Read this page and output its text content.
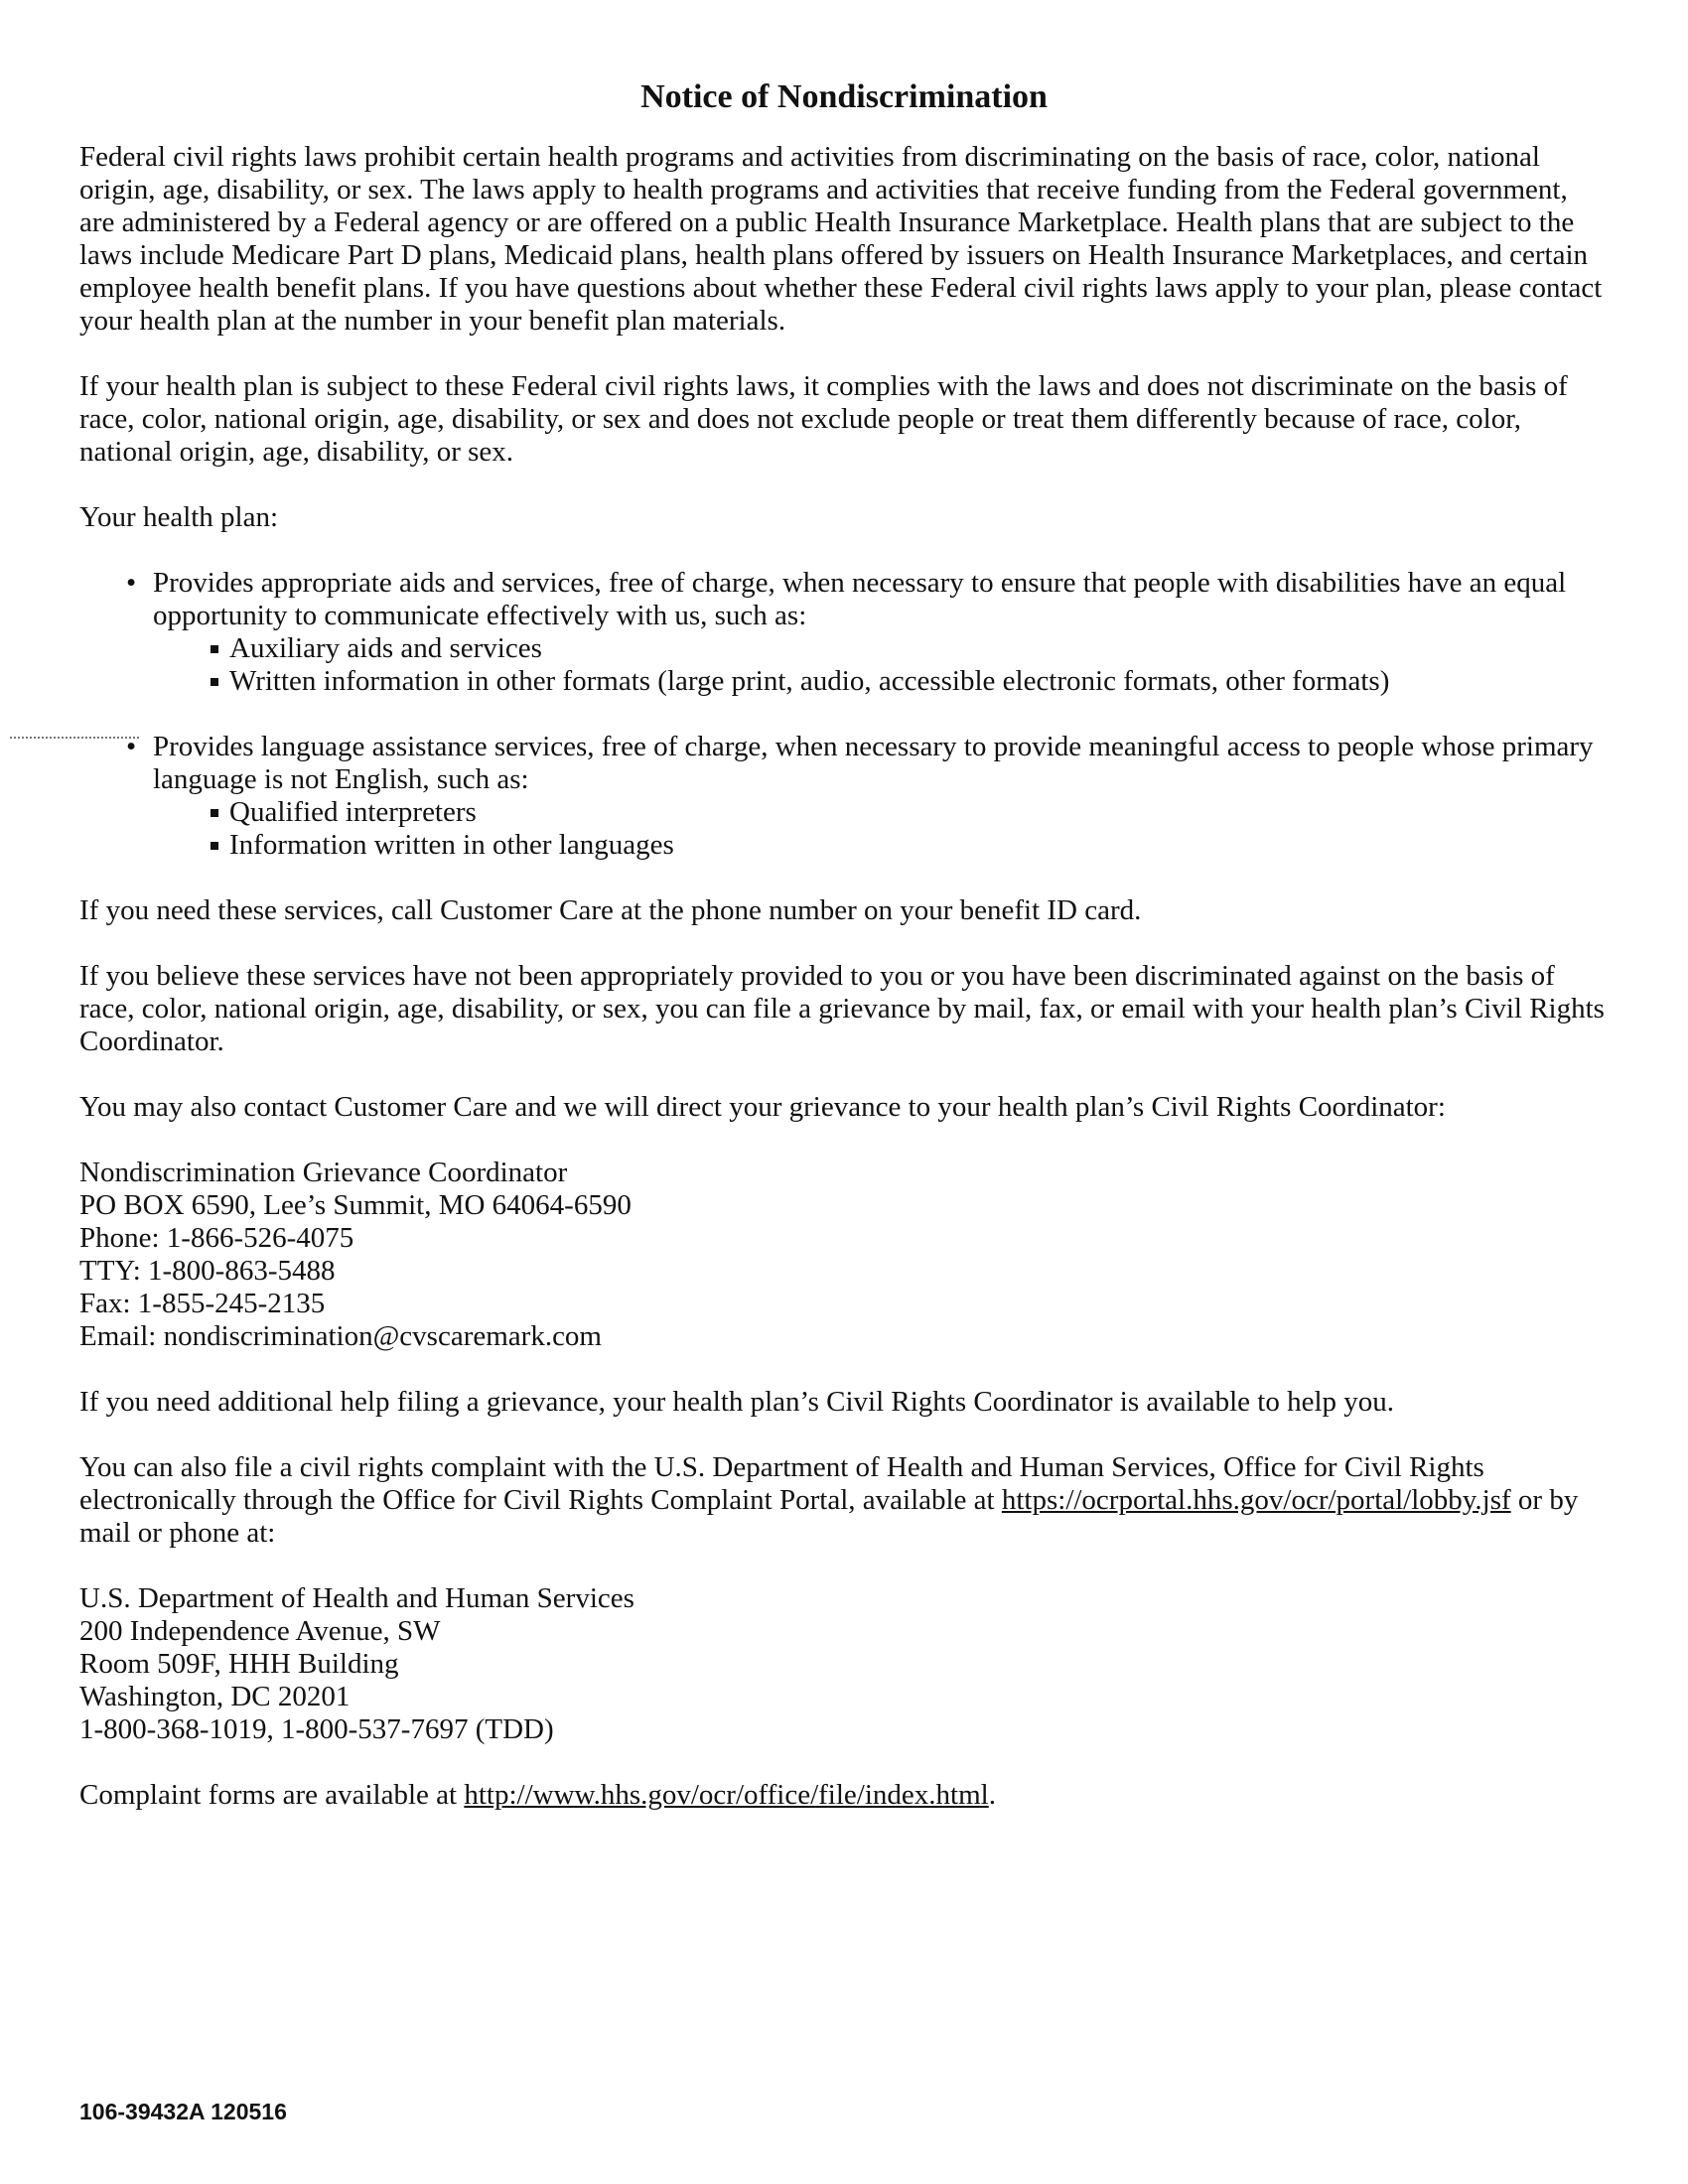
Notice of Nondiscrimination

Federal civil rights laws prohibit certain health programs and activities from discriminating on the basis of race, color, national origin, age, disability, or sex. The laws apply to health programs and activities that receive funding from the Federal government, are administered by a Federal agency or are offered on a public Health Insurance Marketplace. Health plans that are subject to the laws include Medicare Part D plans, Medicaid plans, health plans offered by issuers on Health Insurance Marketplaces, and certain employee health benefit plans. If you have questions about whether these Federal civil rights laws apply to your plan, please contact your health plan at the number in your benefit plan materials.

If your health plan is subject to these Federal civil rights laws, it complies with the laws and does not discriminate on the basis of race, color, national origin, age, disability, or sex and does not exclude people or treat them differently because of race, color, national origin, age, disability, or sex.

Your health plan:

• Provides appropriate aids and services, free of charge, when necessary to ensure that people with disabilities have an equal opportunity to communicate effectively with us, such as:
Auxiliary aids and services
Written information in other formats (large print, audio, accessible electronic formats, other formats)
• Provides language assistance services, free of charge, when necessary to provide meaningful access to people whose primary language is not English, such as:
Qualified interpreters
Information written in other languages

If you need these services, call Customer Care at the phone number on your benefit ID card.

If you believe these services have not been appropriately provided to you or you have been discriminated against on the basis of race, color, national origin, age, disability, or sex, you can file a grievance by mail, fax, or email with your health plan’s Civil Rights Coordinator.

You may also contact Customer Care and we will direct your grievance to your health plan’s Civil Rights Coordinator:

Nondiscrimination Grievance Coordinator
PO BOX 6590, Lee’s Summit, MO 64064-6590
Phone: 1-866-526-4075
TTY: 1-800-863-5488
Fax: 1-855-245-2135
Email: nondiscrimination@cvscaremark.com

If you need additional help filing a grievance, your health plan’s Civil Rights Coordinator is available to help you.

You can also file a civil rights complaint with the U.S. Department of Health and Human Services, Office for Civil Rights electronically through the Office for Civil Rights Complaint Portal, available at https://ocrportal.hhs.gov/ocr/portal/lobby.jsf or by mail or phone at:

U.S. Department of Health and Human Services
200 Independence Avenue, SW
Room 509F, HHH Building
Washington, DC 20201
1-800-368-1019, 1-800-537-7697 (TDD)

Complaint forms are available at http://www.hhs.gov/ocr/office/file/index.html.

106-39432A 120516
